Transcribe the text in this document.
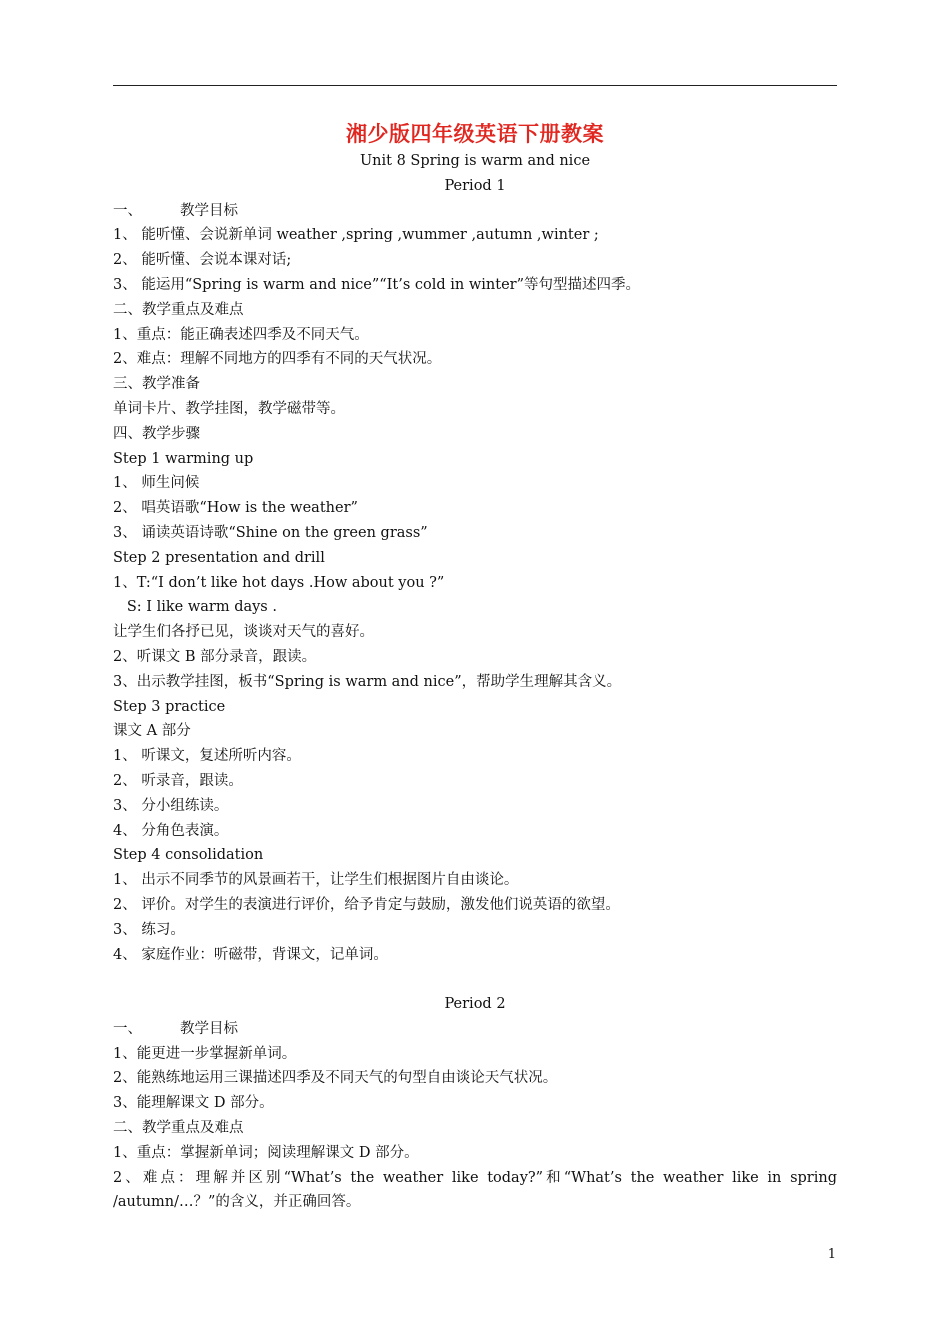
湘少版四年级英语下册教案

Unit 8 Spring is warm and nice

Period 1

一、	教学目标

1、 能听懂、会说新单词 weather ,spring ,wummer ,autumn ,winter ;

2、 能听懂、会说本课对话;

3、 能运用“Spring is warm and nice”“It’s cold in winter”等句型描述四季。

二、教学重点及难点

1、重点：能正确表述四季及不同天气。

2、难点：理解不同地方的四季有不同的天气状况。

三、教学准备

单词卡片、教学挂图，教学磁带等。

四、教学步骤

Step 1 warming up

1、 师生问候

2、 唱英语歌“How is the weather”

3、 诵读英语诗歌“Shine on the green grass”

Step 2 presentation and drill

1、T:“I don’t like hot days .How about you ?”

S: I like warm days .

让学生们各抒已见，谈谈对天气的喜好。

2、听课文 B 部分录音，跟读。

3、出示教学挂图，板书“Spring is warm and nice”，帮助学生理解其含义。

Step 3 practice

课文 A 部分

1、 听课文，复述所听内容。

2、 听录音，跟读。

3、 分小组练读。

4、 分角色表演。

Step 4 consolidation

1、 出示不同季节的风景画若干，让学生们根据图片自由谈论。

2、 评价。对学生的表演进行评价，给予肯定与鼓励，激发他们说英语的欲望。

3、 练习。

4、 家庭作业：听磁带，背课文，记单词。

Period 2

一、	教学目标

1、能更进一步掌握新单词。

2、能熟练地运用三课描述四季及不同天气的句型自由谈论天气状况。

3、能理解课文 D 部分。

二、教学重点及难点

1、重点：掌握新单词；阅读理解课文 D 部分。

2、难点：理解并区别“What’s the weather like today?”和“What’s the weather like in spring /autumn/…？”的含义，并正确回答。

1
